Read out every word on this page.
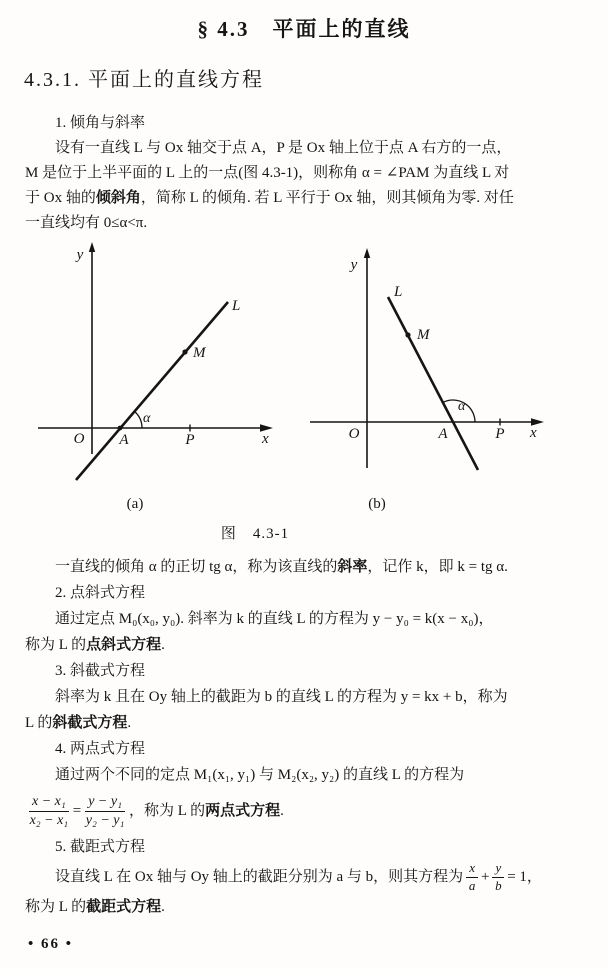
§ 4.3　平面上的直线
4.3.1. 平面上的直线方程
1. 倾角与斜率
设有一直线 L 与 Ox 轴交于点 A，P 是 Ox 轴上位于点 A 右方的一点，
M 是位于上半平面的 L 上的一点(图 4.3-1)，则称角 α = ∠PAM 为直线 L 对
于 Ox 轴的倾斜角，简称 L 的倾角. 若 L 平行于 Ox 轴，则其倾角为零. 对任
一直线均有 0≤α<π.
y
x
O A	P
M
L
α
y
x
O	A	P
M
L
α
(a)	(b)
图　4.3-1
一直线的倾角 α 的正切 tg α，称为该直线的斜率，记作 k，即 k = tg α.
2. 点斜式方程
通过定点 M₀(x₀, y₀). 斜率为 k 的直线 L 的方程为 y − y₀ = k(x − x₀)，
称为 L 的点斜式方程.
3. 斜截式方程
斜率为 k 且在 Oy 轴上的截距为 b 的直线 L 的方程为 y = kx + b，称为
L 的斜截式方程.
4. 两点式方程
通过两个不同的定点 M₁(x₁, y₁) 与 M₂(x₂, y₂) 的直线 L 的方程为
$\frac{\text{x − x₁}}{\text{x₂ − x₁}} = \frac{\text{y − y₁}}{\text{y₂ − y₁}}$ ，称为 L 的 两点式方程 .
5. 截距式方程
设直线 L 在 Ox 轴与 Oy 轴上的截距分别为 a 与 b，则其方程为 $\frac{x}{a} + \frac{y}{b} = 1$，
称为 L 的截距式方程.
• 66 •
